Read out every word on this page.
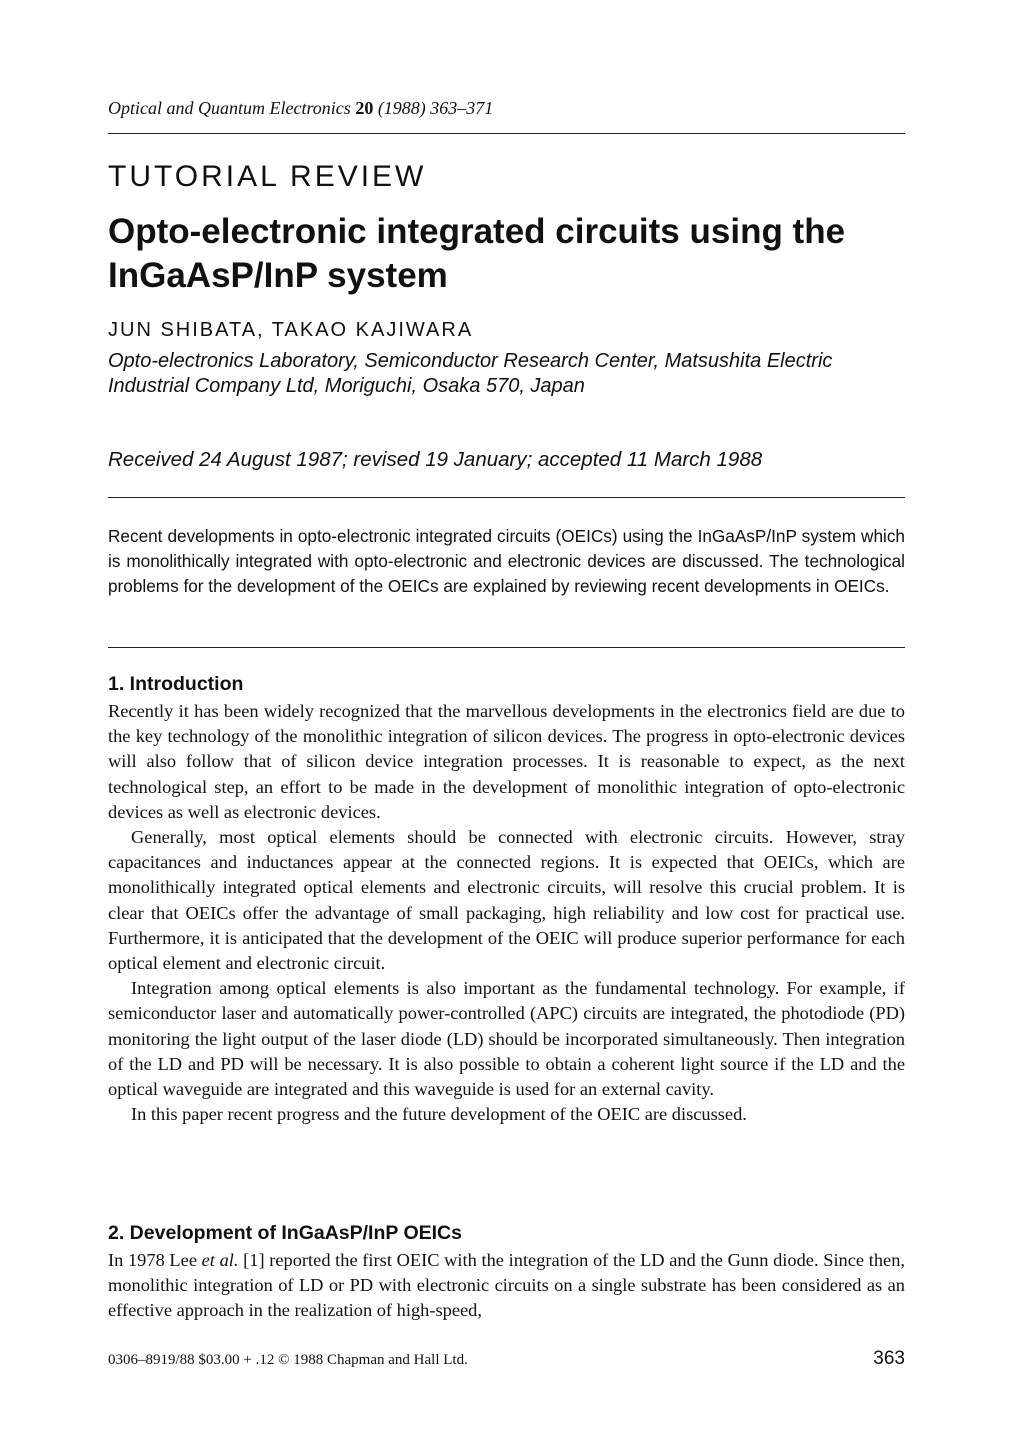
Optical and Quantum Electronics 20 (1988) 363–371
TUTORIAL REVIEW
Opto-electronic integrated circuits using the InGaAsP/InP system
JUN SHIBATA, TAKAO KAJIWARA
Opto-electronics Laboratory, Semiconductor Research Center, Matsushita Electric Industrial Company Ltd, Moriguchi, Osaka 570, Japan
Received 24 August 1987; revised 19 January; accepted 11 March 1988
Recent developments in opto-electronic integrated circuits (OEICs) using the InGaAsP/InP system which is monolithically integrated with opto-electronic and electronic devices are discussed. The technological problems for the development of the OEICs are explained by reviewing recent developments in OEICs.
1. Introduction

Recently it has been widely recognized that the marvellous developments in the electronics field are due to the key technology of the monolithic integration of silicon devices. The progress in opto-electronic devices will also follow that of silicon device integration processes. It is reasonable to expect, as the next technological step, an effort to be made in the development of monolithic integration of opto-electronic devices as well as electronic devices.

Generally, most optical elements should be connected with electronic circuits. However, stray capacitances and inductances appear at the connected regions. It is expected that OEICs, which are monolithically integrated optical elements and electronic circuits, will resolve this crucial problem. It is clear that OEICs offer the advantage of small packaging, high reliability and low cost for practical use. Furthermore, it is anticipated that the development of the OEIC will produce superior performance for each optical element and electronic circuit.

Integration among optical elements is also important as the fundamental technology. For example, if semiconductor laser and automatically power-controlled (APC) circuits are integrated, the photodiode (PD) monitoring the light output of the laser diode (LD) should be incorporated simultaneously. Then integration of the LD and PD will be necessary. It is also possible to obtain a coherent light source if the LD and the optical waveguide are integrated and this waveguide is used for an external cavity.

In this paper recent progress and the future development of the OEIC are discussed.

2. Development of InGaAsP/InP OEICs

In 1978 Lee et al. [1] reported the first OEIC with the integration of the LD and the Gunn diode. Since then, monolithic integration of LD or PD with electronic circuits on a single substrate has been considered as an effective approach in the realization of high-speed,

0306–8919/88 $03.00 + .12 © 1988 Chapman and Hall Ltd.	363
